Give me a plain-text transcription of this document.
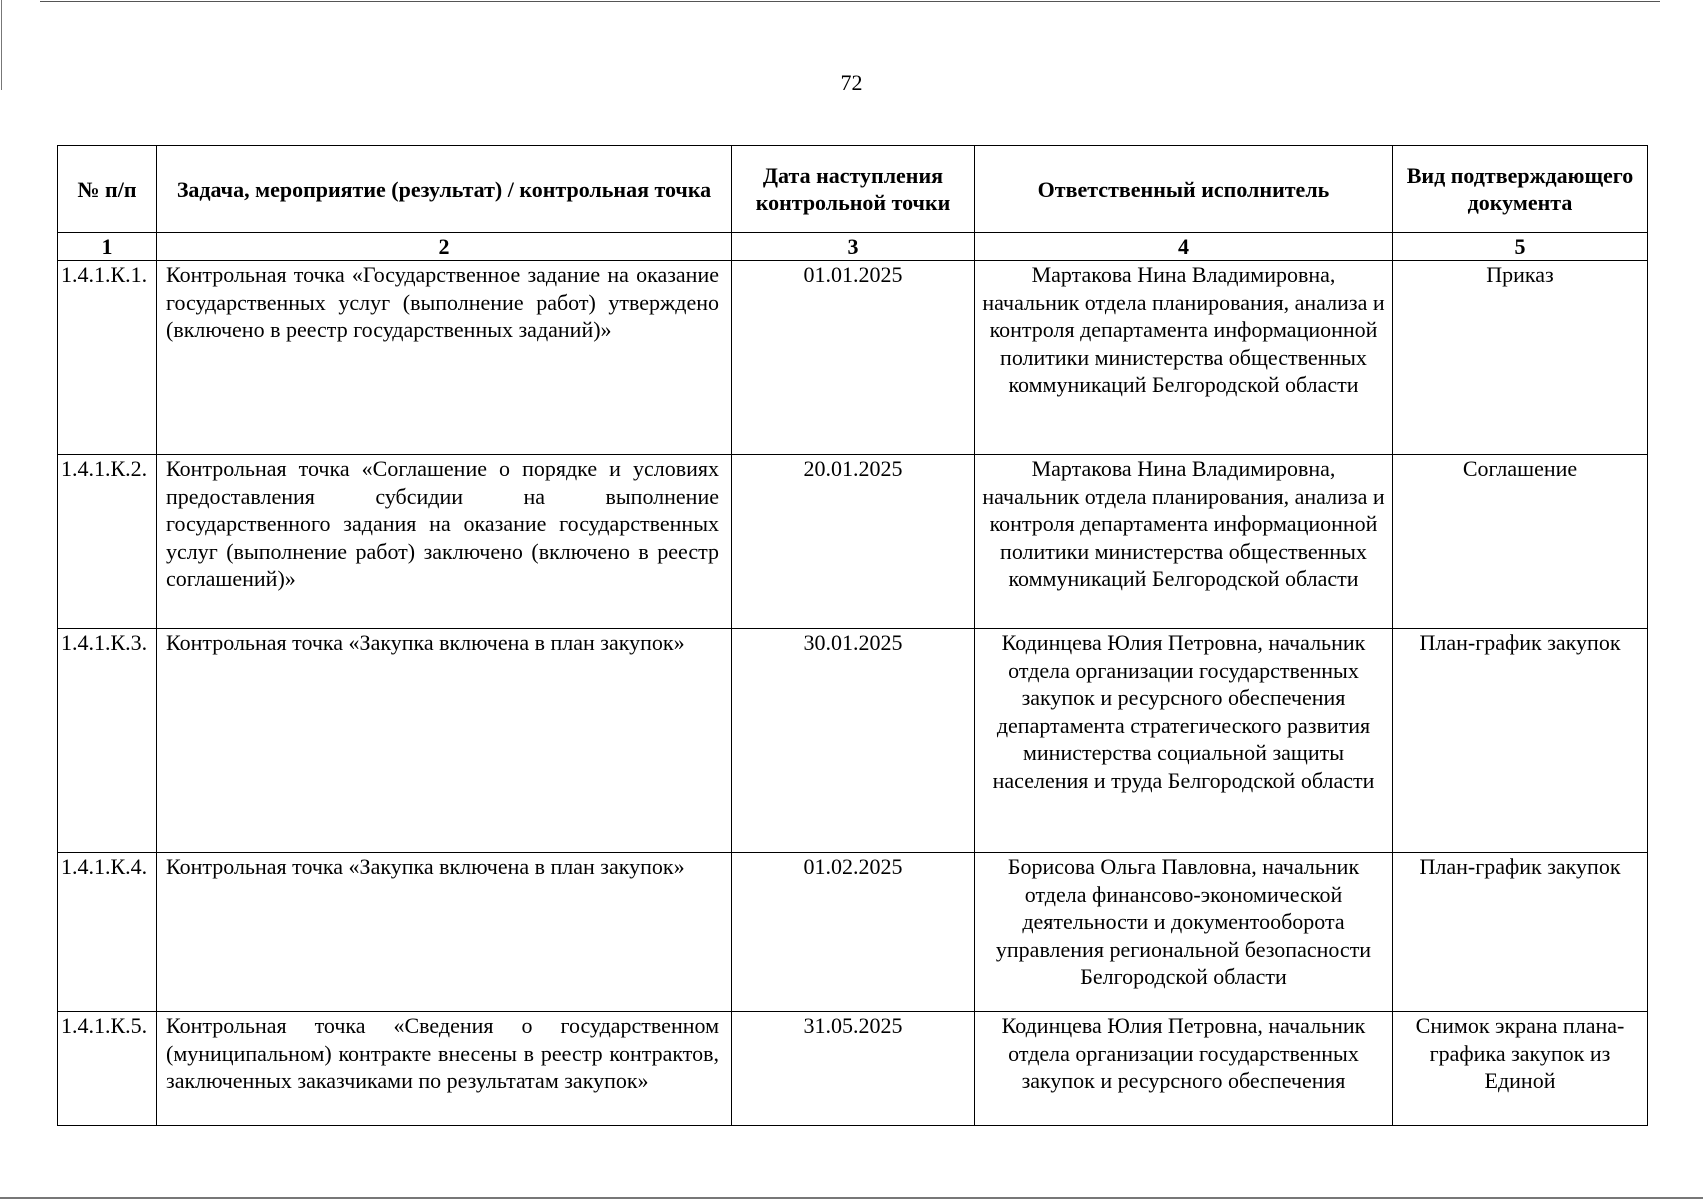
72
№ п/п	Задача, мероприятие (результат) / контрольная точка	Дата наступления контрольной точки	Ответственный исполнитель	Вид подтверждающего документа
1	2	3	4	5
1.4.1.К.1.	Контрольная точка «Государственное задание на оказание государственных услуг (выполнение работ) утверждено (включено в реестр государственных заданий)»	01.01.2025	Мартакова Нина Владимировна, начальник отдела планирования, анализа и контроля департамента информационной политики министерства общественных коммуникаций Белгородской области	Приказ
1.4.1.К.2.	Контрольная точка «Соглашение о порядке и условиях предоставления субсидии на выполнение государственного задания на оказание государственных услуг (выполнение работ) заключено (включено в реестр соглашений)»	20.01.2025	Мартакова Нина Владимировна, начальник отдела планирования, анализа и контроля департамента информационной политики министерства общественных коммуникаций Белгородской области	Соглашение
1.4.1.К.3.	Контрольная точка «Закупка включена в план закупок»	30.01.2025	Кодинцева Юлия Петровна, начальник отдела организации государственных закупок и ресурсного обеспечения департамента стратегического развития министерства социальной защиты населения и труда Белгородской области	План-график закупок
1.4.1.К.4.	Контрольная точка «Закупка включена в план закупок»	01.02.2025	Борисова Ольга Павловна, начальник отдела финансово-экономической деятельности и документооборота управления региональной безопасности Белгородской области	План-график закупок
1.4.1.К.5.	Контрольная точка «Сведения о государственном (муниципальном) контракте внесены в реестр контрактов, заключенных заказчиками по результатам закупок»	31.05.2025	Кодинцева Юлия Петровна, начальник отдела организации государственных закупок и ресурсного обеспечения	Снимок экрана плана-графика закупок из Единой
